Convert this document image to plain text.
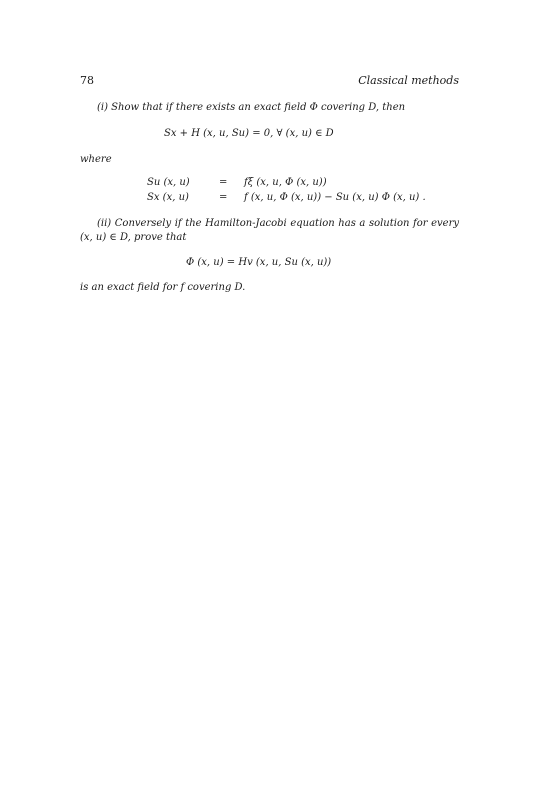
78	Classical methods
(i) Show that if there exists an exact field Φ covering D, then
Sx + H (x, u, Su) = 0, ∀ (x, u) ∈ D
where
Su (x, u)	= fξ (x, u, Φ (x, u))
Sx (x, u)	= f (x, u, Φ (x, u)) − Su (x, u) Φ (x, u) .
(ii) Conversely if the Hamilton-Jacobi equation has a solution for every (x, u) ∈ D, prove that
Φ (x, u) = Hv (x, u, Su (x, u))
is an exact field for f covering D.
